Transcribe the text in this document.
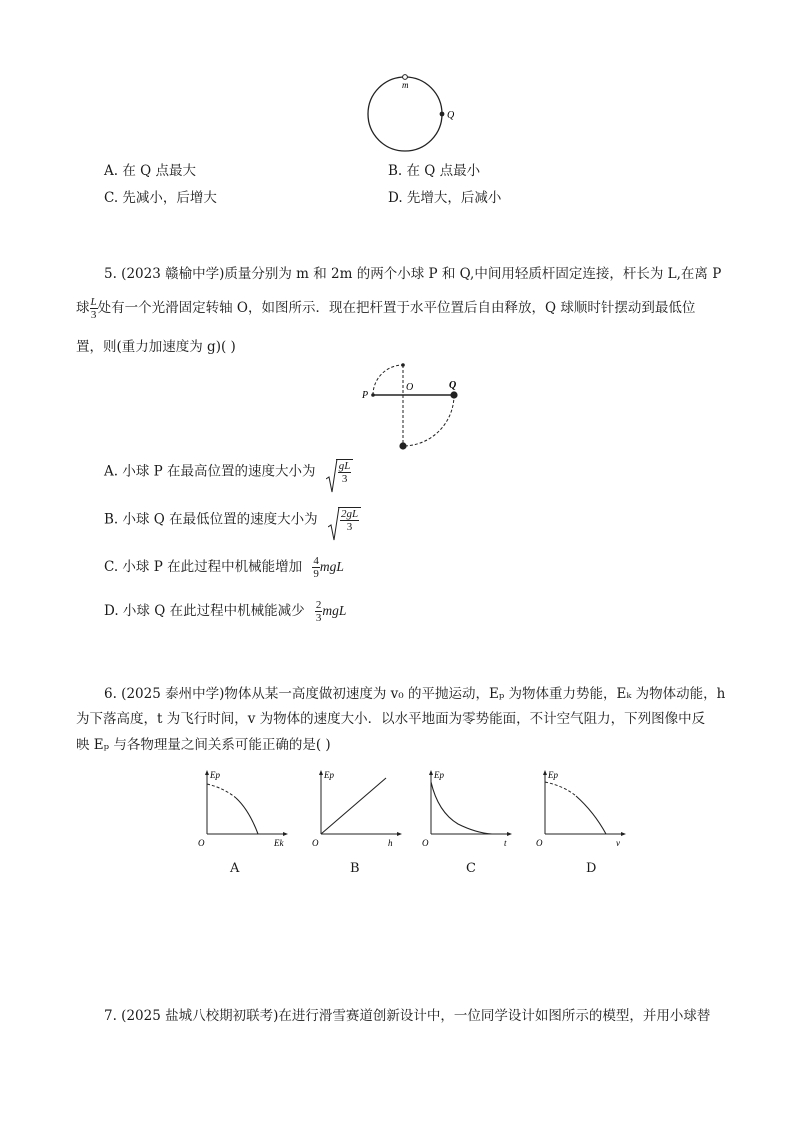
m
Q
A. 在 Q 点最大	B. 在 Q 点最小
C. 先减小，后增大	D. 先增大，后减小
5. (2023 赣榆中学)质量分别为 m 和 2m 的两个小球 P 和 Q,中间用轻质杆固定连接，杆长为 L,在离 P
球 $\frac{L}{3}$ 处有一个光滑固定转轴 O，如图所示．现在把杆置于水平位置后自由释放，Q 球顺时针摆动到最低位
置，则(重力加速度为 g)( )
P
O	Q
A. 小球 P 在最高位置的速度大小为 $\frac{gL}{3}$
B. 小球 Q 在最低位置的速度大小为 $\frac{2gL}{3}$
C. 小球 P 在此过程中机械能增加 $\frac{4}{9}$ mgL
D. 小球 Q 在此过程中机械能减少 $\frac{2}{3}$ mgL
6. (2025 泰州中学)物体从某一高度做初速度为 v₀ 的平抛运动，Eₚ 为物体重力势能，Eₖ 为物体动能，h
为下落高度，t 为飞行时间，v 为物体的速度大小．以水平地面为零势能面，不计空气阻力，下列图像中反
映 Eₚ 与各物理量之间关系可能正确的是( )
Ep
O	Ek
A
Ep
O	h
B
Ep
O	t
C
Ep
O	v
D
7. (2025 盐城八校期初联考)在进行滑雪赛道创新设计中，一位同学设计如图所示的模型，并用小球替
